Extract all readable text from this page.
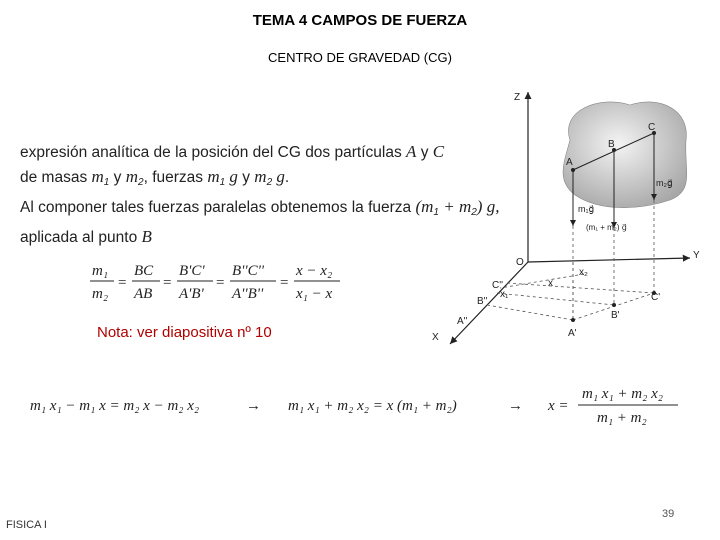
TEMA 4 CAMPOS DE FUERZA
CENTRO DE GRAVEDAD (CG)
expresión analítica de la posición del CG dos partículas A y C
de masas $m_1$ y $m_2$, fuerzas $m_1$ g y $m_2$ g.
Al componer tales fuerzas paralelas obtenemos la fuerza $(m_1 + m_2)$ g,
aplicada al punto B
Nota: ver diapositiva nº 10
FISICA I
39
m₁
m₂
=
BC
AB
=
B'C'
A'B'
=
B''C''
A''B''
=
x − x₂
x₁ − x
m₁ x₁ − m₁ x = m₂ x − m₂ x₂	→ m₁ x₁ + m₂ x₂ = x (m₁ + m₂)	→ x =
m₁ x₁ + m₂ x₂
m₁ + m₂
Z
Y
X
O
A
B
C
A'
B'
C'
A''
B''
C''	x
x₁
x₂
m₁g⃗
m₂g⃗
(m₁ + m₂) g⃗
